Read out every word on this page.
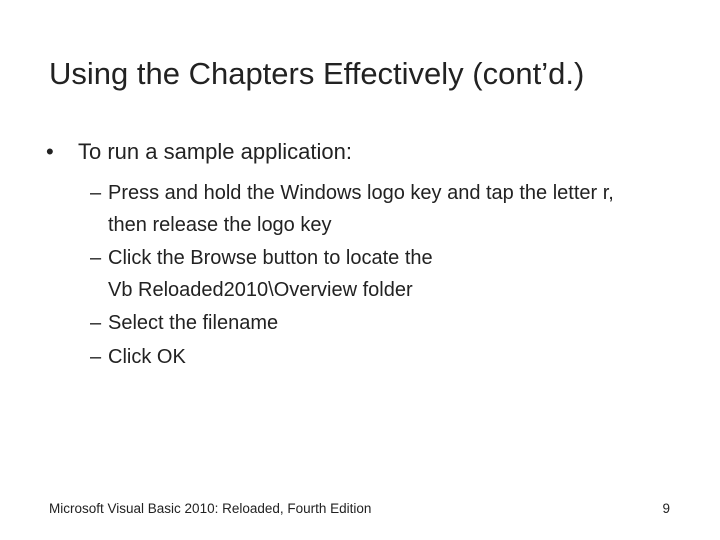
Using the Chapters Effectively (cont’d.)
•	To run a sample application:
– Press and hold the Windows logo key and tap the letter r, then release the logo key
– Click the Browse button to locate the Vb Reloaded2010\Overview folder
– Select the filename
– Click OK
Microsoft Visual Basic 2010: Reloaded, Fourth Edition	9
